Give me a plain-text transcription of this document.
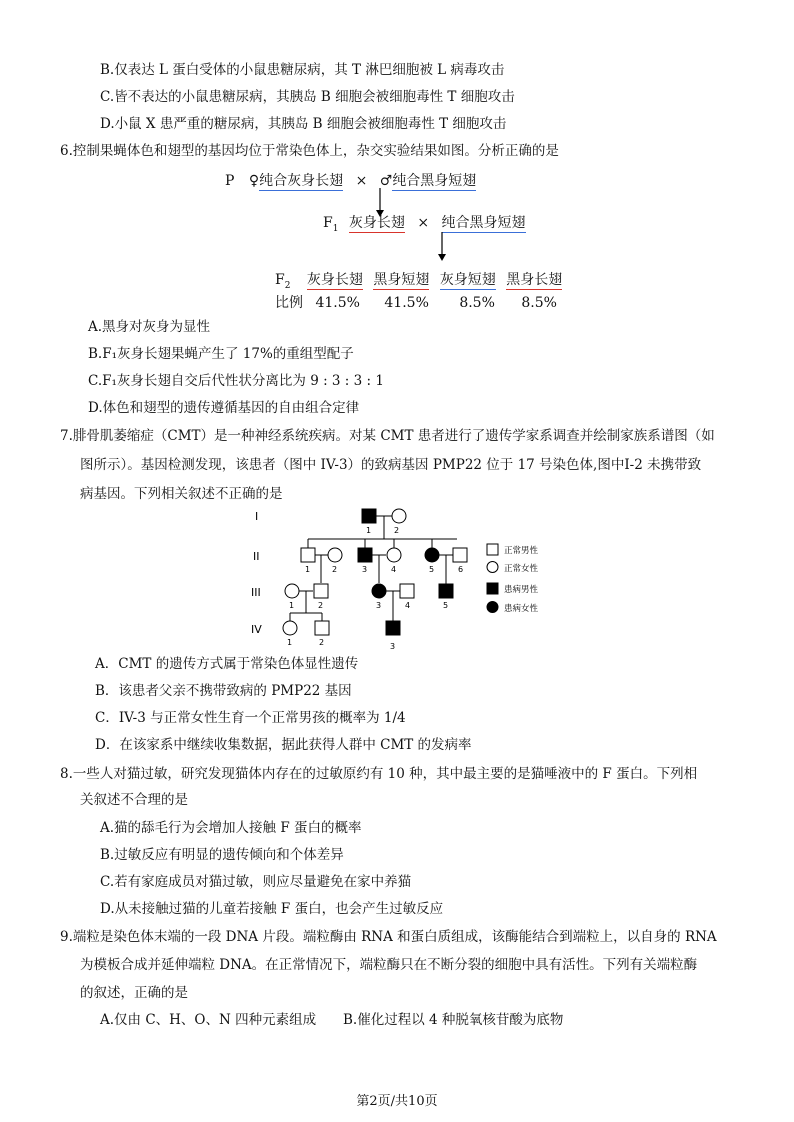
B.仅表达 L 蛋白受体的小鼠患糖尿病，其 T 淋巴细胞被 L 病毒攻击
C.皆不表达的小鼠患糖尿病，其胰岛 B 细胞会被细胞毒性 T 细胞攻击
D.小鼠 X 患严重的糖尿病，其胰岛 B 细胞会被细胞毒性 T 细胞攻击
6.控制果蝇体色和翅型的基因均位于常染色体上，杂交实验结果如图。分析正确的是
P ♀纯合灰身长翅 × ♂纯合黑身短翅
$F_1$ 灰身长翅 × 纯合黑身短翅
$F_2$ 灰身长翅 黑身短翅 灰身短翅 黑身长翅
比例 41.5% 41.5% 8.5% 8.5%
A.黑身对灰身为显性
B.F₁灰身长翅果蝇产生了 17%的重组型配子
C.F₁灰身长翅自交后代性状分离比为 9 : 3 : 3 : 1
D.体色和翅型的遗传遵循基因的自由组合定律
7.腓骨肌萎缩症（CMT）是一种神经系统疾病。对某 CMT 患者进行了遗传学家系调查并绘制家族系谱图（如
图所示）。基因检测发现，该患者（图中 IV-3）的致病基因 PMP22 位于 17 号染色体,图中Ⅰ-2 未携带致
病基因。下列相关叙述不正确的是
I
II
III
IV
1	2
1	2	3	4	5	6
1	2	3	4	5
1	2	3
正常男性
正常女性
患病男性
患病女性
A．CMT 的遗传方式属于常染色体显性遗传
B．该患者父亲不携带致病的 PMP22 基因
C．IV-3 与正常女性生育一个正常男孩的概率为 1/4
D．在该家系中继续收集数据，据此获得人群中 CMT 的发病率
8.一些人对猫过敏，研究发现猫体内存在的过敏原约有 10 种，其中最主要的是猫唾液中的 F 蛋白。下列相
关叙述不合理的是
A.猫的舔毛行为会增加人接触 F 蛋白的概率
B.过敏反应有明显的遗传倾向和个体差异
C.若有家庭成员对猫过敏，则应尽量避免在家中养猫
D.从未接触过猫的儿童若接触 F 蛋白，也会产生过敏反应
9.端粒是染色体末端的一段 DNA 片段。端粒酶由 RNA 和蛋白质组成，该酶能结合到端粒上，以自身的 RNA
为模板合成并延伸端粒 DNA。在正常情况下，端粒酶只在不断分裂的细胞中具有活性。下列有关端粒酶
的叙述，正确的是
A.仅由 C、H、O、N 四种元素组成 B.催化过程以 4 种脱氧核苷酸为底物
第2页/共10页
